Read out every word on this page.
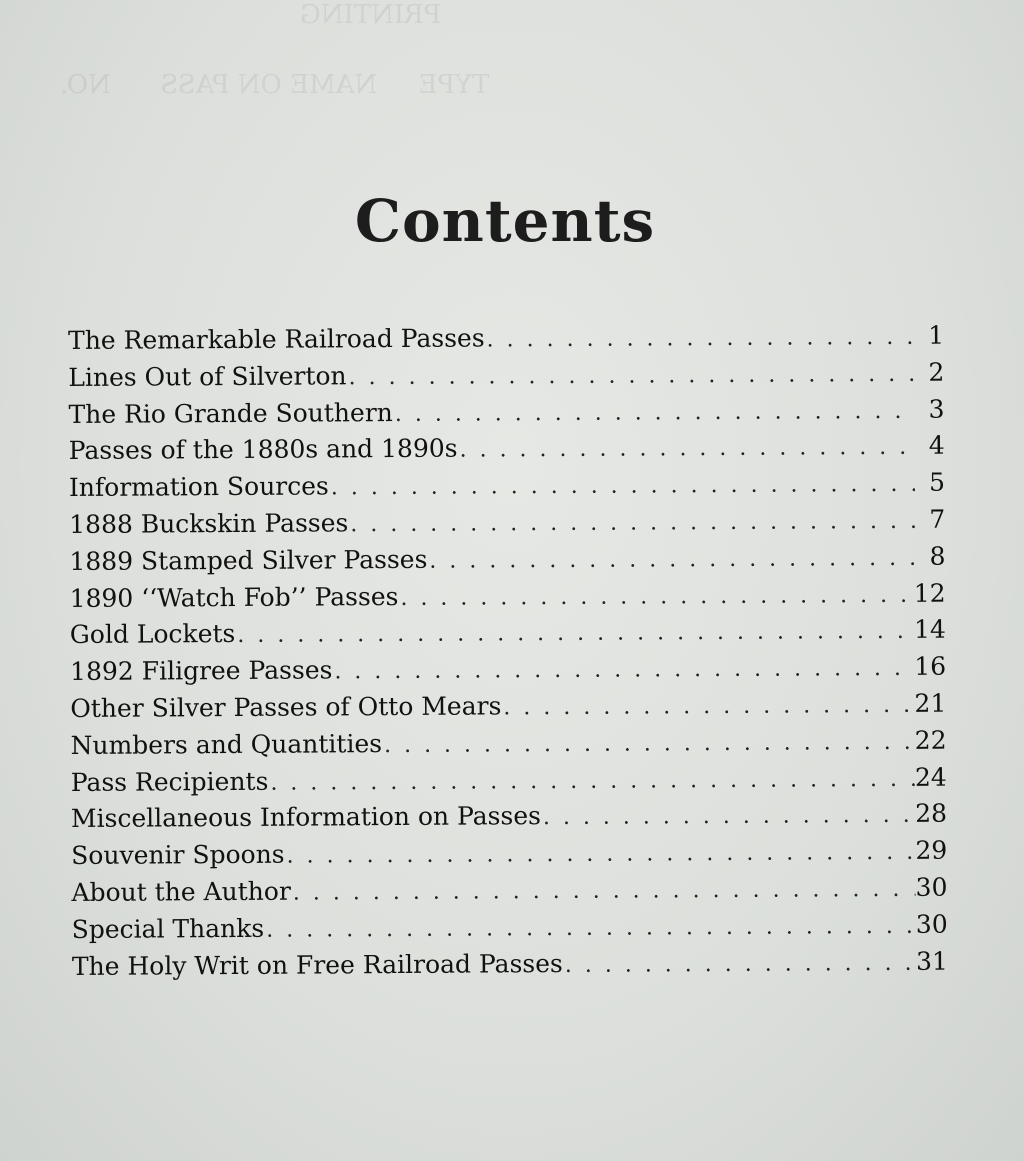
PRINTING
TYPE     NAME ON PASS      NO.
Contents
The Remarkable Railroad Passes . . .	1
Lines Out of Silverton . . .	2
The Rio Grande Southern . . .	3
Passes of the 1880s and 1890s . . .	4
Information Sources . . .	5
1888 Buckskin Passes . . .	7
1889 Stamped Silver Passes . . .	8
1890 ‘‘Watch Fob’’ Passes . . .	12
Gold Lockets . . .	14
1892 Filigree Passes . . .	16
Other Silver Passes of Otto Mears . . .	21
Numbers and Quantities . . .	22
Pass Recipients . . .	24
Miscellaneous Information on Passes . . .	28
Souvenir Spoons . . .	29
About the Author . . .	30
Special Thanks . . .	30
The Holy Writ on Free Railroad Passes . . .	31
